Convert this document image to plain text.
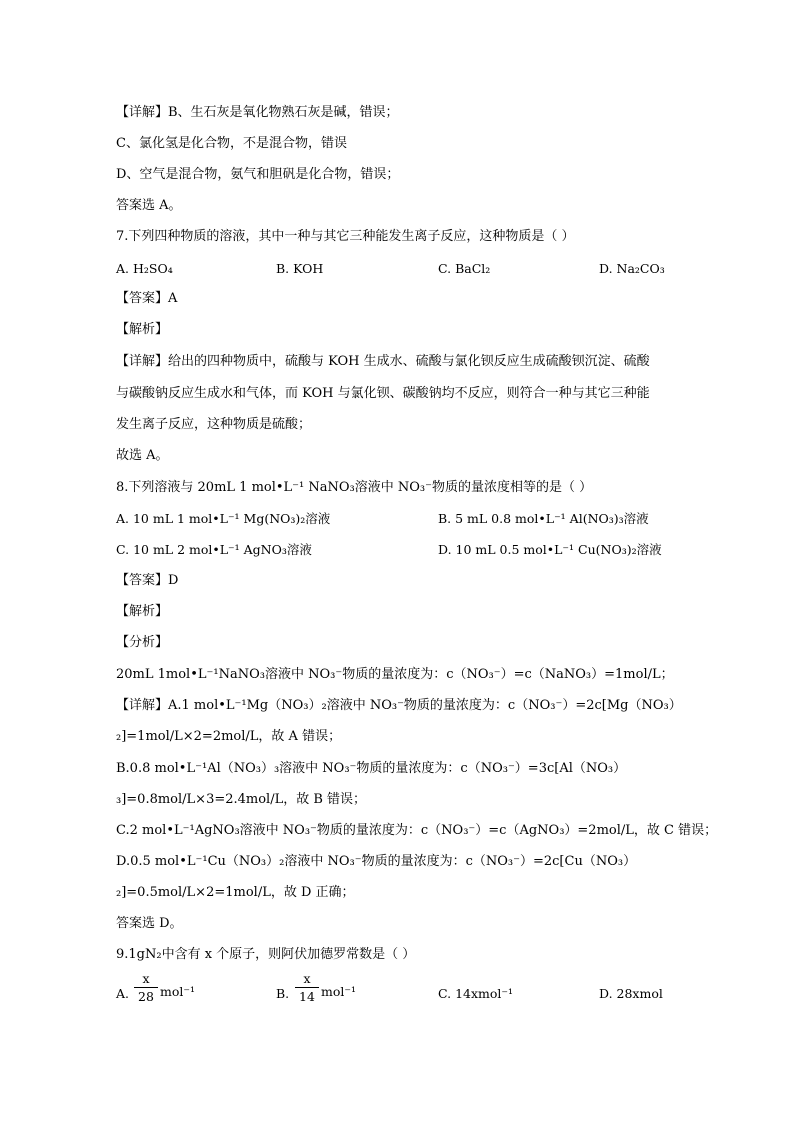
【详解】B、生石灰是氧化物熟石灰是碱，错误；
C、氯化氢是化合物，不是混合物，错误
D、空气是混合物，氨气和胆矾是化合物，错误；
答案选 A。
7.下列四种物质的溶液，其中一种与其它三种能发生离子反应，这种物质是（ ）
A. H₂SO₄	B. KOH	C. BaCl₂	D. Na₂CO₃
【答案】A
【解析】
【详解】给出的四种物质中，硫酸与 KOH 生成水、硫酸与氯化钡反应生成硫酸钡沉淀、硫酸
与碳酸钠反应生成水和气体，而 KOH 与氯化钡、碳酸钠均不反应，则符合一种与其它三种能
发生离子反应，这种物质是硫酸；
故选 A。
8.下列溶液与 20mL 1 mol•L⁻¹ NaNO₃溶液中 NO₃⁻物质的量浓度相等的是（ ）
A. 10 mL 1 mol•L⁻¹ Mg(NO₃)₂溶液	B. 5 mL 0.8 mol•L⁻¹ Al(NO₃)₃溶液
C. 10 mL 2 mol•L⁻¹ AgNO₃溶液	D. 10 mL 0.5 mol•L⁻¹ Cu(NO₃)₂溶液
【答案】D
【解析】
【分析】
20mL 1mol•L⁻¹NaNO₃溶液中 NO₃⁻物质的量浓度为：c（NO₃⁻）=c（NaNO₃）=1mol/L；
【详解】A.1 mol•L⁻¹Mg（NO₃）₂溶液中 NO₃⁻物质的量浓度为：c（NO₃⁻）=2c[Mg（NO₃）
₂]=1mol/L×2=2mol/L，故 A 错误；
B.0.8 mol•L⁻¹Al（NO₃）₃溶液中 NO₃⁻物质的量浓度为：c（NO₃⁻）=3c[Al（NO₃）
₃]=0.8mol/L×3=2.4mol/L，故 B 错误；
C.2 mol•L⁻¹AgNO₃溶液中 NO₃⁻物质的量浓度为：c（NO₃⁻）=c（AgNO₃）=2mol/L，故 C 错误；
D.0.5 mol•L⁻¹Cu（NO₃）₂溶液中 NO₃⁻物质的量浓度为：c（NO₃⁻）=2c[Cu（NO₃）
₂]=0.5mol/L×2=1mol/L，故 D 正确；
答案选 D。
9.1gN₂中含有 x 个原子，则阿伏加德罗常数是（ ）
A. $\frac{x}{28} mol^{-1}$	B. $\frac{x}{14} mol^{-1}$	C. 14xmol⁻¹	D. 28xmol
